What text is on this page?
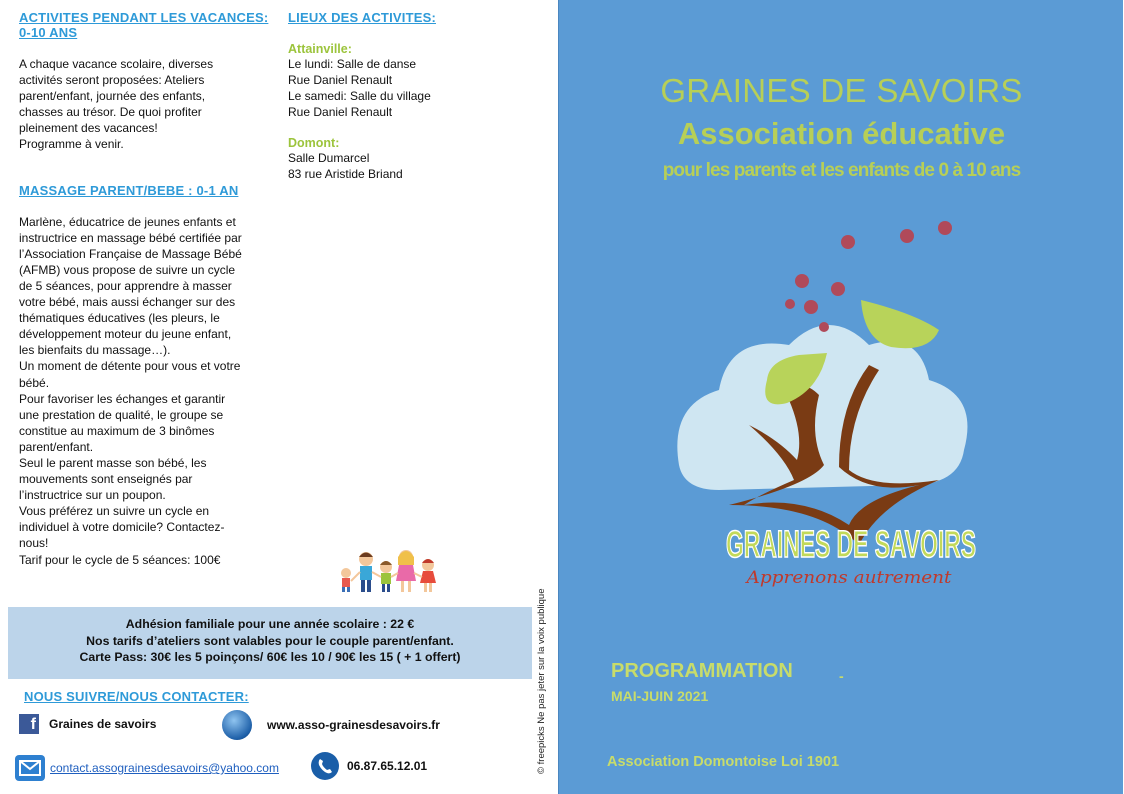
ACTIVITES PENDANT LES VACANCES:
0-10 ANS
A chaque vacance scolaire, diverses
activités seront proposées: Ateliers
parent/enfant, journée des enfants,
chasses au trésor. De quoi profiter
pleinement des vacances!
Programme à venir.
MASSAGE PARENT/BEBE : 0-1 AN
Marlène, éducatrice de jeunes enfants et
instructrice en massage bébé certifiée par
l’Association Française de Massage Bébé
(AFMB) vous propose de suivre un cycle
de 5 séances, pour apprendre à masser
votre bébé, mais aussi échanger sur des
thématiques éducatives (les pleurs, le
développement moteur du jeune enfant,
les bienfaits du massage…).
Un moment de détente pour vous et votre
bébé.
Pour favoriser les échanges et garantir
une prestation de qualité, le groupe se
constitue au maximum de 3 binômes
parent/enfant.
Seul le parent masse son bébé, les
mouvements sont enseignés par
l’instructrice sur un poupon.
Vous préférez un suivre un cycle en
individuel à votre domicile? Contactez-
nous!
Tarif pour le cycle de 5 séances: 100€
LIEUX DES ACTIVITES:
Attainville:
Le lundi: Salle de danse
Rue Daniel Renault
Le samedi: Salle du village
Rue Daniel Renault
Domont:
Salle Dumarcel
83 rue Aristide Briand
Adhésion familiale pour une année scolaire : 22 €
Nos tarifs d’ateliers sont valables pour le couple parent/enfant.
Carte Pass: 30€ les 5 poinçons/ 60€ les 10 / 90€ les 15 ( + 1 offert)
NOUS SUIVRE/NOUS CONTACTER:
f Graines de savoirs	www.asso-grainesdesavoirs.fr
contact.assograinesdesavoirs@yahoo.com	06.87.65.12.01	© freepicks Ne pas jeter sur la voix publique
GRAINES DE SAVOIRS
Association éducative
pour les parents et les enfants de 0 à 10 ans
GRAINES DE SAVOIRS
Apprenons autrement
PROGRAMMATION	-
MAI-JUIN 2021
Association Domontoise Loi 1901
